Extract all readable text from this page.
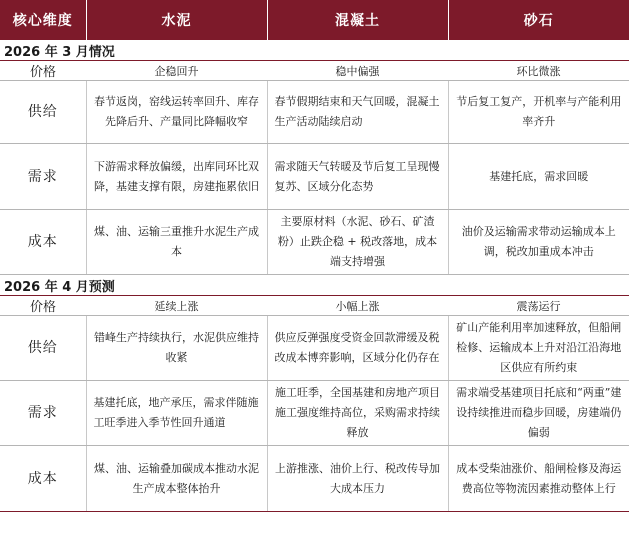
核心维度	水泥	混凝土	砂石
2026 年 3 月情况			
价格	企稳回升	稳中偏强	环比微涨
供给	春节返岗，窑线运转率回升、库存先降后升、产量同比降幅收窄	春节假期结束和天气回暖，混凝土生产活动陆续启动	节后复工复产，开机率与产能利用率齐升
需求	下游需求释放偏缓，出库同环比双降，基建支撑有限，房建拖累依旧	需求随天气转暖及节后复工呈现慢复苏、区域分化态势	基建托底，需求回暖
成本	煤、油、运输三重推升水泥生产成本	主要原材料（水泥、砂石、矿渣粉）止跌企稳 + 税改落地，成本端支持增强	油价及运输需求带动运输成本上调，税改加重成本冲击
2026 年 4 月预测			
价格	延续上涨	小幅上涨	震荡运行
供给	错峰生产持续执行，水泥供应维持收紧	供应反弹强度受资金回款滞缓及税改成本博弈影响，区域分化仍存在	矿山产能利用率加速释放，但船闸检修、运输成本上升对沿江沿海地区供应有所约束
需求	基建托底，地产承压，需求伴随施工旺季进入季节性回升通道	施工旺季，全国基建和房地产项目施工强度维持高位，采购需求持续释放	需求端受基建项目托底和“两重”建设持续推进而稳步回暖，房建端仍偏弱
成本	煤、油、运输叠加碳成本推动水泥生产成本整体抬升	上游推涨、油价上行、税改传导加大成本压力	成本受柴油涨价、船闸检修及海运费高位等物流因素推动整体上行
